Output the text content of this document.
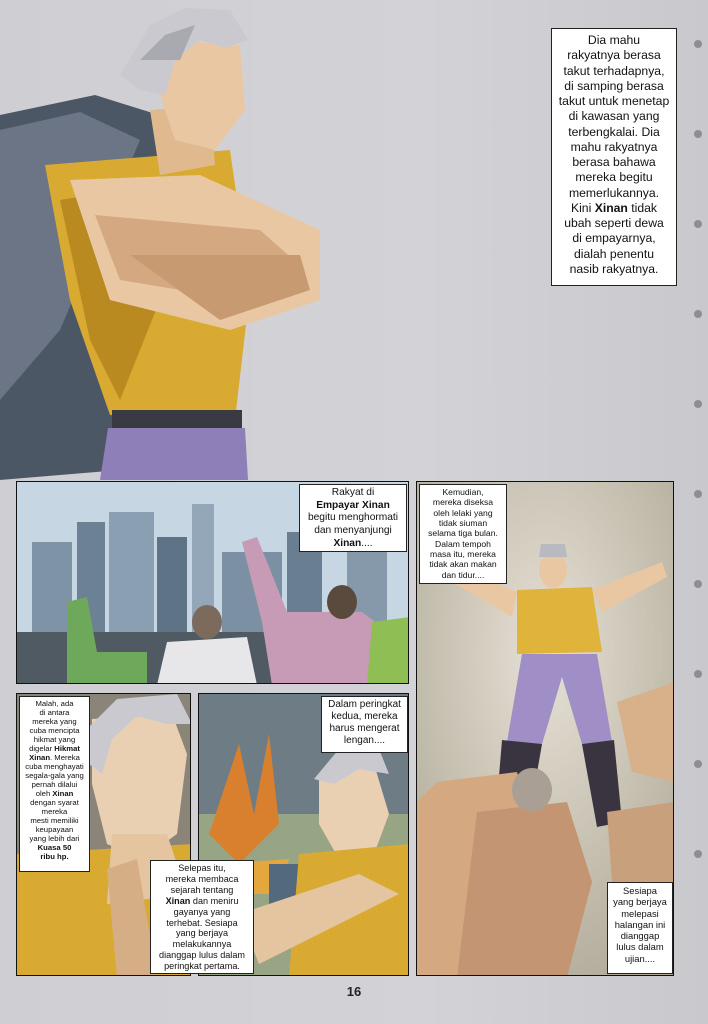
Dia mahu
rakyatnya berasa
takut terhadapnya,
di samping berasa
takut untuk menetap
di kawasan yang
terbengkalai. Dia
mahu rakyatnya
berasa bahawa
mereka begitu
memerlukannya.
Kini Xinan tidak
ubah seperti dewa
di empayarnya,
dialah penentu
nasib rakyatnya.
Rakyat di
Empayar Xinan
begitu menghormati
dan menyanjungi
Xinan....
Kemudian,
mereka diseksa
oleh lelaki yang
tidak siuman
selama tiga bulan.
Dalam tempoh
masa itu, mereka
tidak akan makan
dan tidur....
Sesiapa
yang berjaya
melepasi
halangan ini
dianggap
lulus dalam
ujian....
Malah, ada
di antara
mereka yang
cuba mencipta
hikmat yang
digelar Hikmat
Xinan. Mereka
cuba menghayati
segala-gala yang
pernah dilalui
oleh Xinan
dengan syarat
mereka
mesti memiliki
keupayaan
yang lebih dari
Kuasa 50
ribu hp.
Dalam peringkat
kedua, mereka
harus mengerat
lengan....
Selepas itu,
mereka membaca
sejarah tentang
Xinan dan meniru
gayanya yang
terhebat. Sesiapa
yang berjaya
melakukannya
dianggap lulus dalam
peringkat pertama.
16
